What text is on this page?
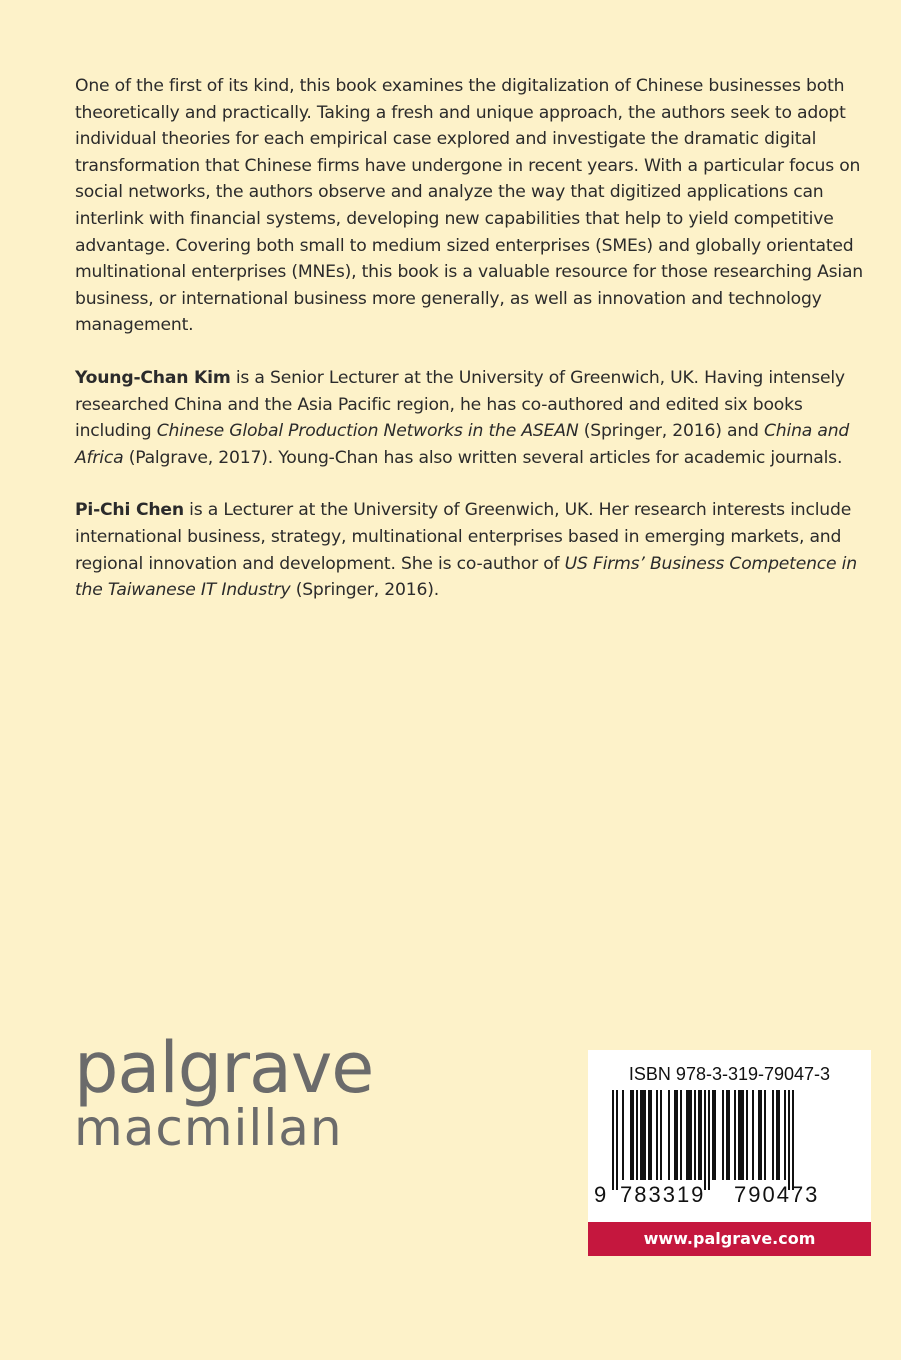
One of the first of its kind, this book examines the digitalization of Chinese businesses both theoretically and practically. Taking a fresh and unique approach, the authors seek to adopt individual theories for each empirical case explored and investigate the dramatic digital transformation that Chinese firms have undergone in recent years. With a particular focus on social networks, the authors observe and analyze the way that digitized applications can interlink with financial systems, developing new capabilities that help to yield competitive advantage. Covering both small to medium sized enterprises (SMEs) and globally orientated multinational enterprises (MNEs), this book is a valuable resource for those researching Asian business, or international business more generally, as well as innovation and technology management.

Young-Chan Kim is a Senior Lecturer at the University of Greenwich, UK. Having intensely researched China and the Asia Pacific region, he has co-authored and edited six books including Chinese Global Production Networks in the ASEAN (Springer, 2016) and China and Africa (Palgrave, 2017). Young-Chan has also written several articles for academic journals.

Pi-Chi Chen is a Lecturer at the University of Greenwich, UK. Her research interests include international business, strategy, multinational enterprises based in emerging markets, and regional innovation and development. She is co-author of US Firms’ Business Competence in the Taiwanese IT Industry (Springer, 2016).

palgrave
macmillan
ISBN 978-3-319-79047-3
9 783319 790473
www.palgrave.com
